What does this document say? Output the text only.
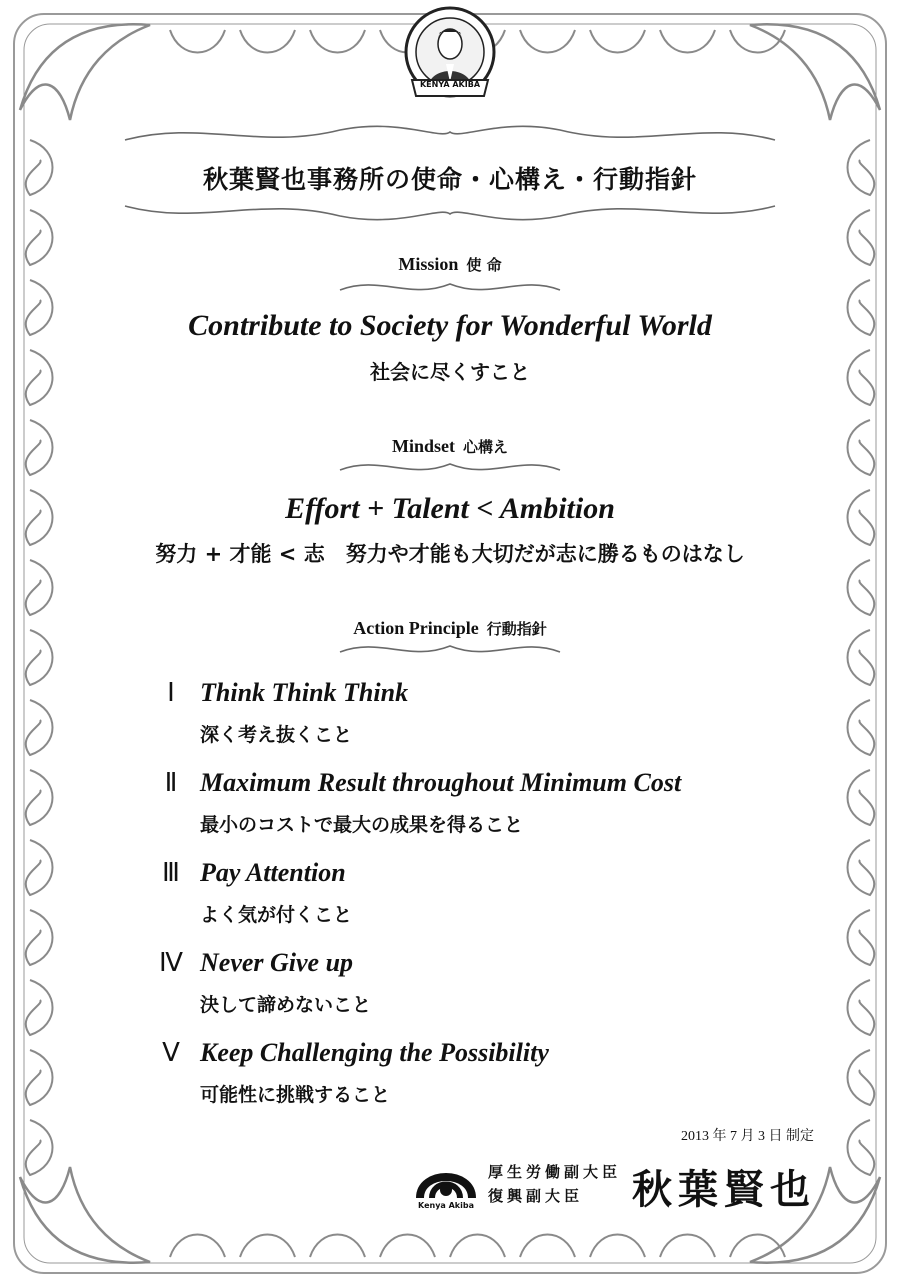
KENYA AKIBA
秋葉賢也事務所の使命・心構え・行動指針
Mission 使 命
Contribute to Society for Wonderful World
社会に尽くすこと
Mindset 心構え
Effort + Talent < Ambition
努力 + 才能 < 志　努力や才能も大切だが志に勝るものはなし
Action Principle 行動指針
Ⅰ Think Think Think
深く考え抜くこと
Ⅱ Maximum Result throughout Minimum Cost
最小のコストで最大の成果を得ること
Ⅲ Pay Attention
よく気が付くこと
Ⅳ Never Give up
決して諦めないこと
Ⅴ Keep Challenging the Possibility
可能性に挑戦すること
2013 年 7 月 3 日 制定
Kenya Akiba
厚生労働副大臣
復興副大臣	秋葉賢也
